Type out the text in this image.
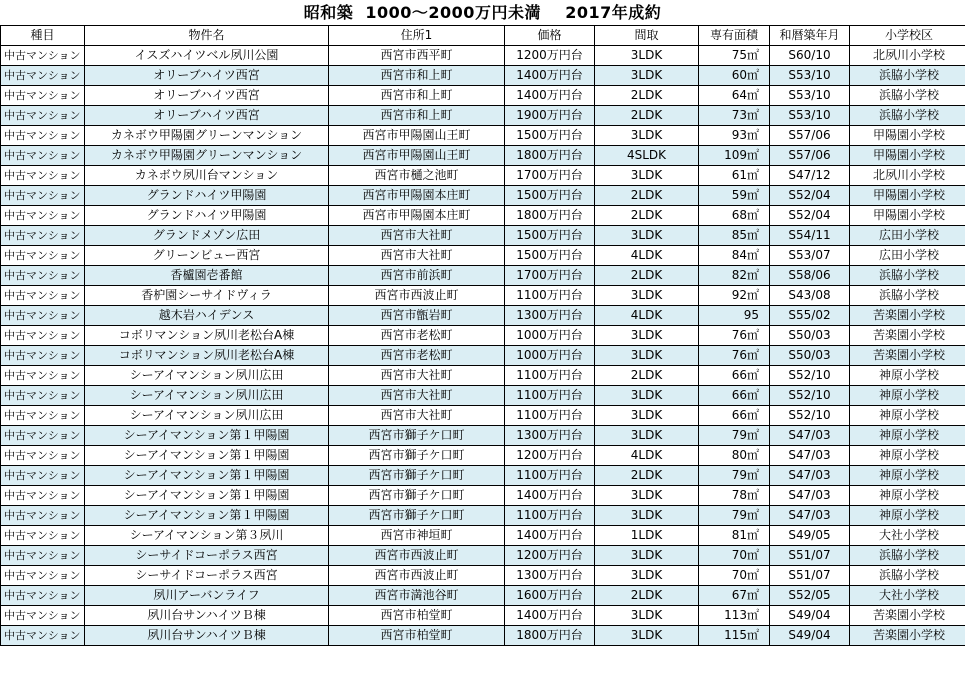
昭和築  1000～2000万円未満    2017年成約
種目	物件名	住所1	価格	間取	専有面積	和暦築年月	小学校区
中古マンション	イスズハイツベル夙川公園	西宮市西平町	1200万円台	3LDK	75㎡	S60/10	北夙川小学校
中古マンション	オリーブハイツ西宮	西宮市和上町	1400万円台	3LDK	60㎡	S53/10	浜脇小学校
中古マンション	オリーブハイツ西宮	西宮市和上町	1400万円台	2LDK	64㎡	S53/10	浜脇小学校
中古マンション	オリーブハイツ西宮	西宮市和上町	1900万円台	2LDK	73㎡	S53/10	浜脇小学校
中古マンション	カネボウ甲陽園グリーンマンション	西宮市甲陽園山王町	1500万円台	3LDK	93㎡	S57/06	甲陽園小学校
中古マンション	カネボウ甲陽園グリーンマンション	西宮市甲陽園山王町	1800万円台	4SLDK	109㎡	S57/06	甲陽園小学校
中古マンション	カネボウ夙川台マンション	西宮市樋之池町	1700万円台	3LDK	61㎡	S47/12	北夙川小学校
中古マンション	グランドハイツ甲陽園	西宮市甲陽園本庄町	1500万円台	2LDK	59㎡	S52/04	甲陽園小学校
中古マンション	グランドハイツ甲陽園	西宮市甲陽園本庄町	1800万円台	2LDK	68㎡	S52/04	甲陽園小学校
中古マンション	グランドメゾン広田	西宮市大社町	1500万円台	3LDK	85㎡	S54/11	広田小学校
中古マンション	グリーンビュー西宮	西宮市大社町	1500万円台	4LDK	84㎡	S53/07	広田小学校
中古マンション	香櫨園壱番館	西宮市前浜町	1700万円台	2LDK	82㎡	S58/06	浜脇小学校
中古マンション	香枦園シーサイドヴィラ	西宮市西波止町	1100万円台	3LDK	92㎡	S43/08	浜脇小学校
中古マンション	越木岩ハイデンス	西宮市甑岩町	1300万円台	4LDK	95	S55/02	苦楽園小学校
中古マンション	コボリマンション夙川老松台A棟	西宮市老松町	1000万円台	3LDK	76㎡	S50/03	苦楽園小学校
中古マンション	コボリマンション夙川老松台A棟	西宮市老松町	1000万円台	3LDK	76㎡	S50/03	苦楽園小学校
中古マンション	シーアイマンション夙川広田	西宮市大社町	1100万円台	2LDK	66㎡	S52/10	神原小学校
中古マンション	シーアイマンション夙川広田	西宮市大社町	1100万円台	3LDK	66㎡	S52/10	神原小学校
中古マンション	シーアイマンション夙川広田	西宮市大社町	1100万円台	3LDK	66㎡	S52/10	神原小学校
中古マンション	シーアイマンション第１甲陽園	西宮市獅子ケ口町	1300万円台	3LDK	79㎡	S47/03	神原小学校
中古マンション	シーアイマンション第１甲陽園	西宮市獅子ケ口町	1200万円台	4LDK	80㎡	S47/03	神原小学校
中古マンション	シーアイマンション第１甲陽園	西宮市獅子ケ口町	1100万円台	2LDK	79㎡	S47/03	神原小学校
中古マンション	シーアイマンション第１甲陽園	西宮市獅子ケ口町	1400万円台	3LDK	78㎡	S47/03	神原小学校
中古マンション	シーアイマンション第１甲陽園	西宮市獅子ケ口町	1100万円台	3LDK	79㎡	S47/03	神原小学校
中古マンション	シーアイマンション第３夙川	西宮市神垣町	1400万円台	1LDK	81㎡	S49/05	大社小学校
中古マンション	シーサイドコーポラス西宮	西宮市西波止町	1200万円台	3LDK	70㎡	S51/07	浜脇小学校
中古マンション	シーサイドコーポラス西宮	西宮市西波止町	1300万円台	3LDK	70㎡	S51/07	浜脇小学校
中古マンション	夙川アーバンライフ	西宮市満池谷町	1600万円台	2LDK	67㎡	S52/05	大社小学校
中古マンション	夙川台サンハイツＢ棟	西宮市柏堂町	1400万円台	3LDK	113㎡	S49/04	苦楽園小学校
中古マンション	夙川台サンハイツＢ棟	西宮市柏堂町	1800万円台	3LDK	115㎡	S49/04	苦楽園小学校
